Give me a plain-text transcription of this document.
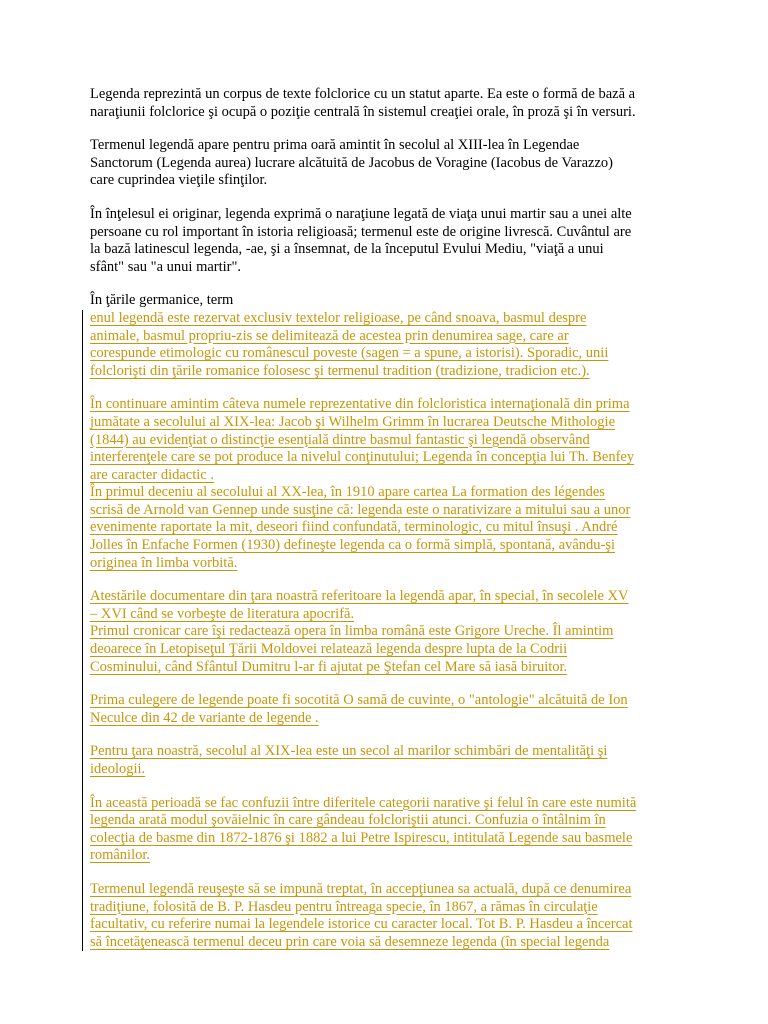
Legenda reprezintă un corpus de texte folclorice cu un statut aparte. Ea este o formă de bază a
naraţiunii folclorice şi ocupă o poziţie centrală în sistemul creaţiei orale, în proză şi în versuri.
Termenul legendă apare pentru prima oară amintit în secolul al XIII-lea în Legendae
Sanctorum (Legenda aurea) lucrare alcătuită de Jacobus de Voragine (Iacobus de Varazzo)
care cuprindea vieţile sfinţilor.
În înţelesul ei originar, legenda exprimă o naraţiune legată de viaţa unui martir sau a unei alte
persoane cu rol important în istoria religioasă; termenul este de origine livrescă. Cuvântul are
la bază latinescul legenda, -ae, şi a însemnat, de la începutul Evului Mediu, "viaţă a unui
sfânt" sau "a unui martir".
În ţările germanice, term
enul legendă este rezervat exclusiv textelor religioase, pe când snoava, basmul despre
animale, basmul propriu-zis se delimitează de acestea prin denumirea sage, care ar
corespunde etimologic cu românescul poveste (sagen = a spune, a istorisi). Sporadic, unii
folclorişti din ţările romanice folosesc şi termenul tradition (tradizione, tradicion etc.).
În continuare amintim câteva numele reprezentative din folcloristica internaţională din prima
jumătate a secolului al XIX-lea: Jacob şi Wilhelm Grimm în lucrarea Deutsche Mithologie
(1844) au evidenţiat o distincţie esenţială dintre basmul fantastic şi legendă observând
interferenţele care se pot produce la nivelul conţinutului; Legenda în concepţia lui Th. Benfey
are caracter didactic .
În primul deceniu al secolului al XX-lea, în 1910 apare cartea La formation des légendes
scrisă de Arnold van Gennep unde susţine că: legenda este o narativizare a mitului sau a unor
evenimente raportate la mit, deseori fiind confundată, terminologic, cu mitul însuşi . André
Jolles în Enfache Formen (1930) defineşte legenda ca o formă simplă, spontană, avându-şi
originea în limba vorbită.
Atestările documentare din ţara noastră referitoare la legendă apar, în special, în secolele XV
– XVI când se vorbeşte de literatura apocrifă.
Primul cronicar care îşi redactează opera în limba română este Grigore Ureche. Îl amintim
deoarece în Letopiseţul Ţării Moldovei relatează legenda despre lupta de la Codrii
Cosminului, când Sfântul Dumitru l-ar fi ajutat pe Ştefan cel Mare să iasă biruitor.
Prima culegere de legende poate fi socotită O samă de cuvinte, o "antologie" alcătuită de Ion
Neculce din 42 de variante de legende .
Pentru ţara noastră, secolul al XIX-lea este un secol al marilor schimbări de mentalităţi şi
ideologii.
În această perioadă se fac confuzii între diferitele categorii narative şi felul în care este numită
legenda arată modul şovăielnic în care gândeau folcloriştii atunci. Confuzia o întâlnim în
colecţia de basme din 1872-1876 şi 1882 a lui Petre Ispirescu, intitulată Legende sau basmele
românilor.
Termenul legendă reuşeşte să se impună treptat, în accepţiunea sa actuală, după ce denumirea
tradiţiune, folosită de B. P. Hasdeu pentru întreaga specie, în 1867, a rămas în circulaţie
facultativ, cu referire numai la legendele istorice cu caracter local. Tot B. P. Hasdeu a încercat
să încetăţenească termenul deceu prin care voia să desemneze legenda (în special legenda
